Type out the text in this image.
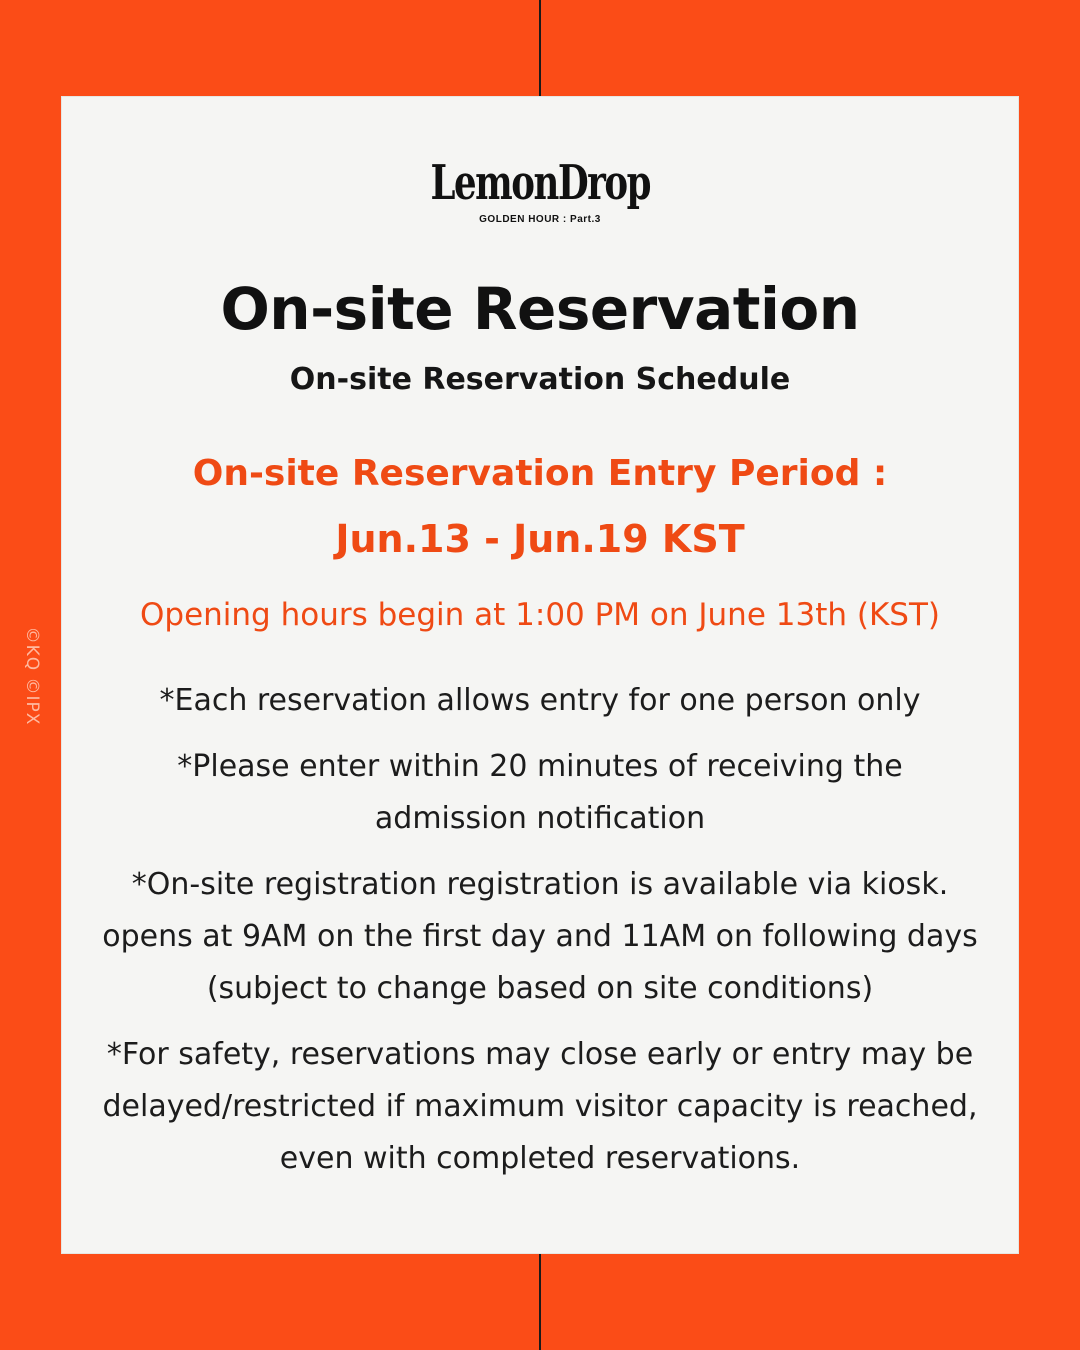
©KQ ©IPX
LemonDrop
GOLDEN HOUR : Part.3
On-site Reservation
On-site Reservation Schedule
On-site Reservation Entry Period :
Jun.13 - Jun.19 KST
Opening hours begin at 1:00 PM on June 13th (KST)

*Each reservation allows entry for one person only

*Please enter within 20 minutes of receiving the admission notification

*On-site registration registration is available via kiosk. opens at 9AM on the first day and 11AM on following days (subject to change based on site conditions)

*For safety, reservations may close early or entry may be delayed/restricted if maximum visitor capacity is reached, even with completed reservations.
